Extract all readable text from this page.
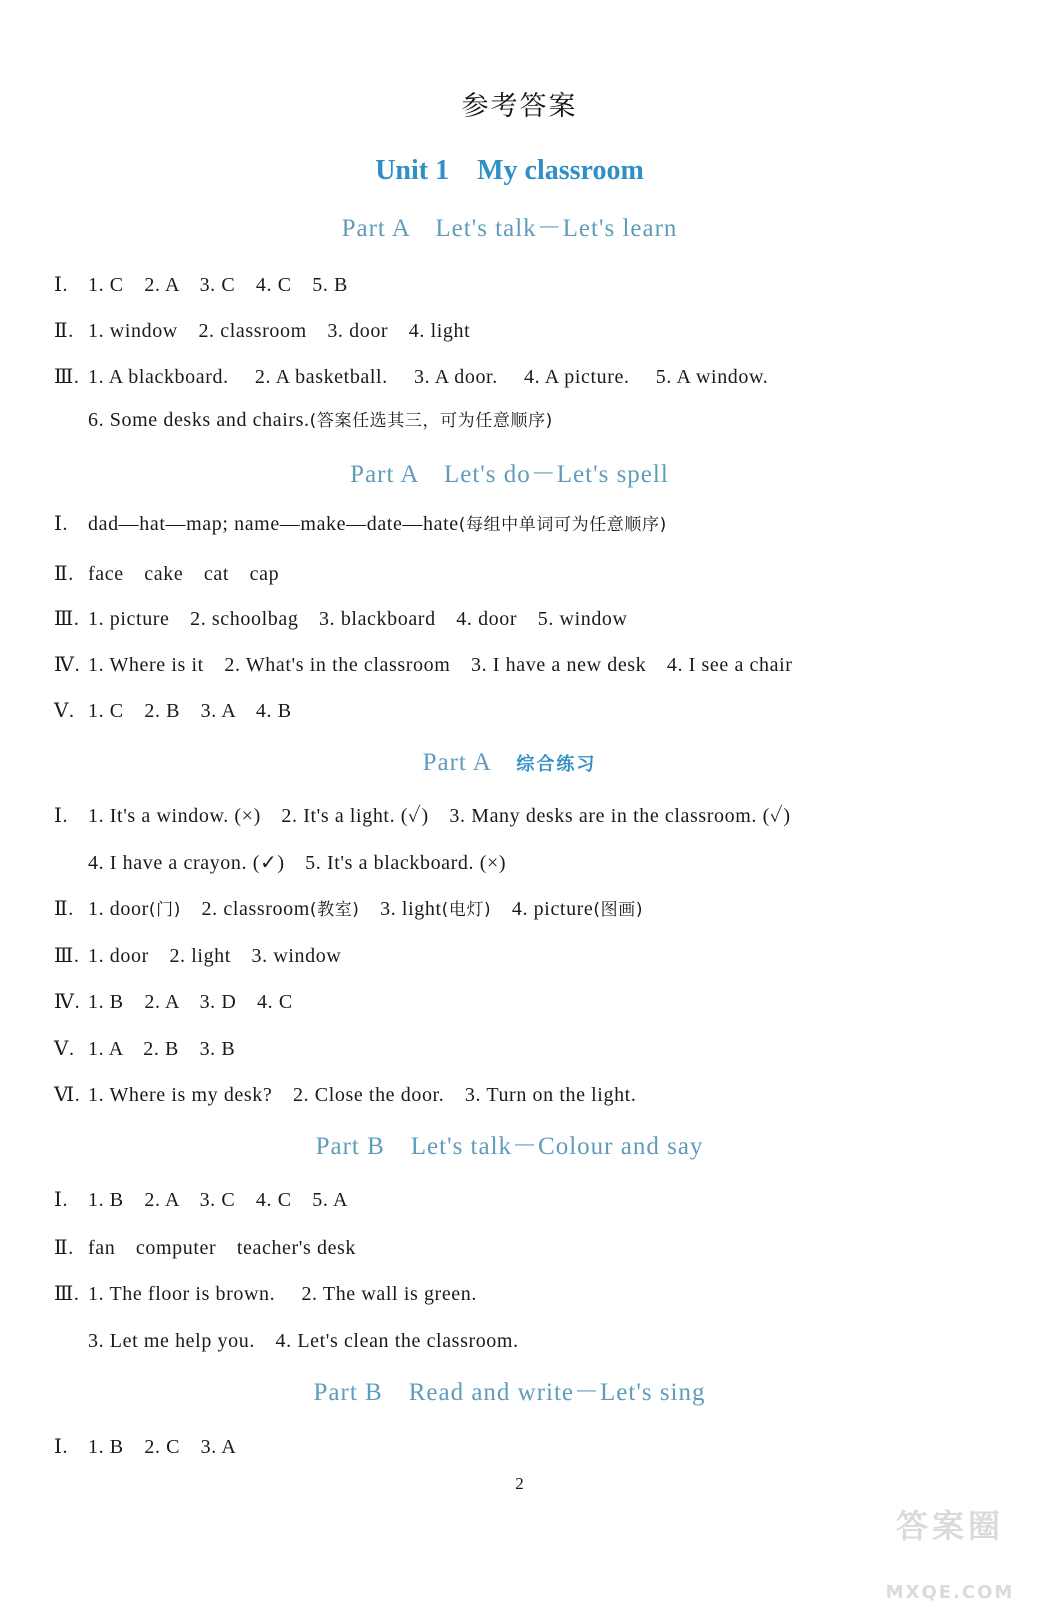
参考答案
Unit 1　My classroom
Part A　Let's talk－Let's learn
Ⅰ. 1. C　2. A　3. C　4. C　5. B
Ⅱ. 1. window　2. classroom　3. door　4. light
Ⅲ. 1. A blackboard.　 2. A basketball.　 3. A door.　 4. A picture.　 5. A window.
6. Some desks and chairs.(答案任选其三，可为任意顺序)
Part A　Let's do－Let's spell
Ⅰ. dad—hat—map; name—make—date—hate(每组中单词可为任意顺序)
Ⅱ. face　cake　cat　cap
Ⅲ. 1. picture　2. schoolbag　3. blackboard　4. door　5. window
Ⅳ. 1. Where is it　2. What's in the classroom　3. I have a new desk　4. I see a chair
Ⅴ. 1. C　2. B　3. A　4. B
Part A　 综合练习
Ⅰ. 1. It's a window. (×)　2. It's a light. (✓)　3. Many desks are in the classroom. (✓)
4. I have a crayon. (✓)　5. It's a blackboard. (×)
Ⅱ. 1. door(门)　2. classroom(教室)　3. light(电灯)　4. picture(图画)
Ⅲ. 1. door　2. light　3. window
Ⅳ. 1. B　2. A　3. D　4. C
Ⅴ. 1. A　2. B　3. B
Ⅵ. 1. Where is my desk?　2. Close the door.　3. Turn on the light.
Part B　Let's talk－Colour and say
Ⅰ. 1. B　2. A　3. C　4. C　5. A
Ⅱ. fan　computer　teacher's desk
Ⅲ. 1. The floor is brown.　 2. The wall is green.
3. Let me help you.　4. Let's clean the classroom.
Part B　Read and write－Let's sing
Ⅰ. 1. B　2. C　3. A
2

答案圈

MXQE.COM
